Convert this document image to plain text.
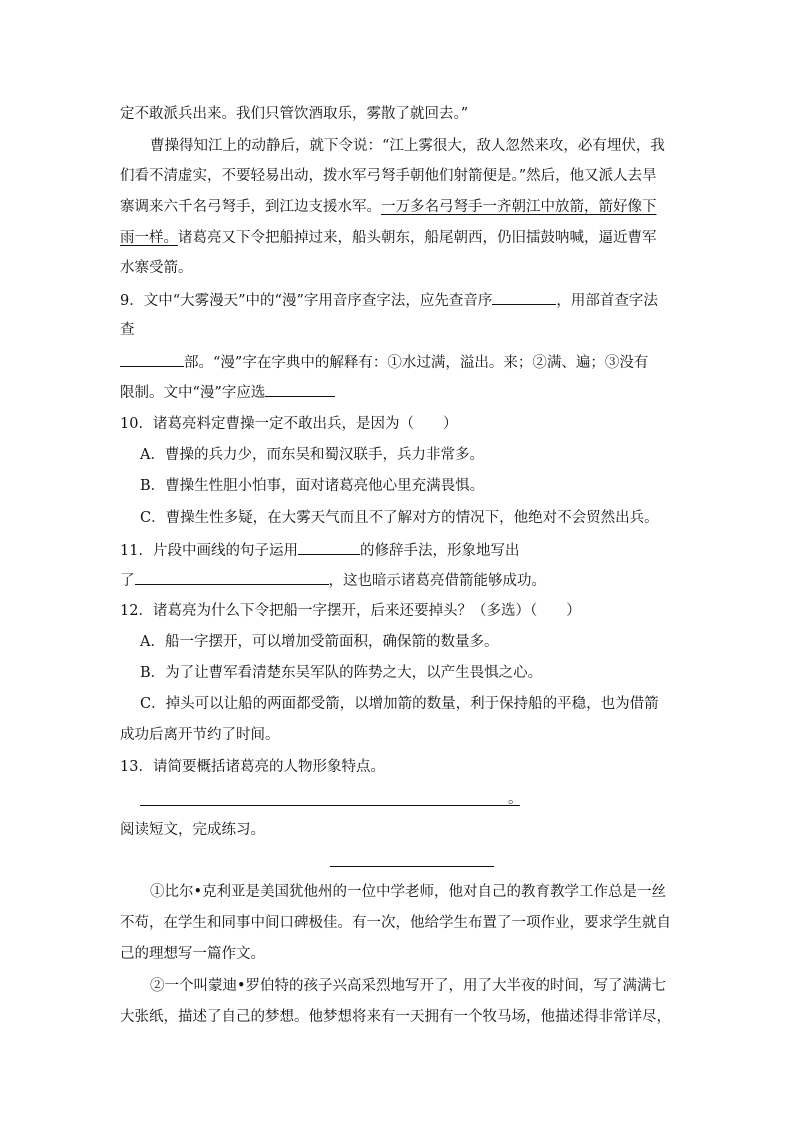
定不敢派兵出来。我们只管饮酒取乐，雾散了就回去。”
曹操得知江上的动静后，就下令说：“江上雾很大，敌人忽然来攻，必有埋伏，我
们看不清虚实，不要轻易出动，拨水军弓弩手朝他们射箭便是。”然后，他又派人去旱
寨调来六千名弓弩手，到江边支援水军。一万多名弓弩手一齐朝江中放箭，箭好像下
雨一样。诸葛亮又下令把船掉过来，船头朝东，船尾朝西，仍旧擂鼓呐喊，逼近曹军
水寨受箭。
9．文中“大雾漫天”中的“漫”字用音序查字法，应先查音序	，用部首查字法
查
部。“漫”字在字典中的解释有：①水过满，溢出。来；②满、遍；③没有
限制。文中“漫”字应选
10．诸葛亮料定曹操一定不敢出兵，是因为（　　）
A．曹操的兵力少，而东吴和蜀汉联手，兵力非常多。
B．曹操生性胆小怕事，面对诸葛亮他心里充满畏惧。
C．曹操生性多疑，在大雾天气而且不了解对方的情况下，他绝对不会贸然出兵。
11．片段中画线的句子运用	的修辞手法，形象地写出
了	，这也暗示诸葛亮借箭能够成功。
12．诸葛亮为什么下令把船一字摆开，后来还要掉头？（多选）（　　）
A．船一字摆开，可以增加受箭面积，确保箭的数量多。
B．为了让曹军看清楚东吴军队的阵势之大，以产生畏惧之心。
C．掉头可以让船的两面都受箭，以增加箭的数量，利于保持船的平稳，也为借箭
成功后离开节约了时间。
13．请简要概括诸葛亮的人物形象特点。
。
阅读短文，完成练习。
①比尔•克利亚是美国犹他州的一位中学老师，他对自己的教育教学工作总是一丝
不苟，在学生和同事中间口碑极佳。有一次，他给学生布置了一项作业，要求学生就自
己的理想写一篇作文。
②一个叫蒙迪•罗伯特的孩子兴高采烈地写开了，用了大半夜的时间，写了满满七
大张纸，描述了自己的梦想。他梦想将来有一天拥有一个牧马场，他描述得非常详尽，
